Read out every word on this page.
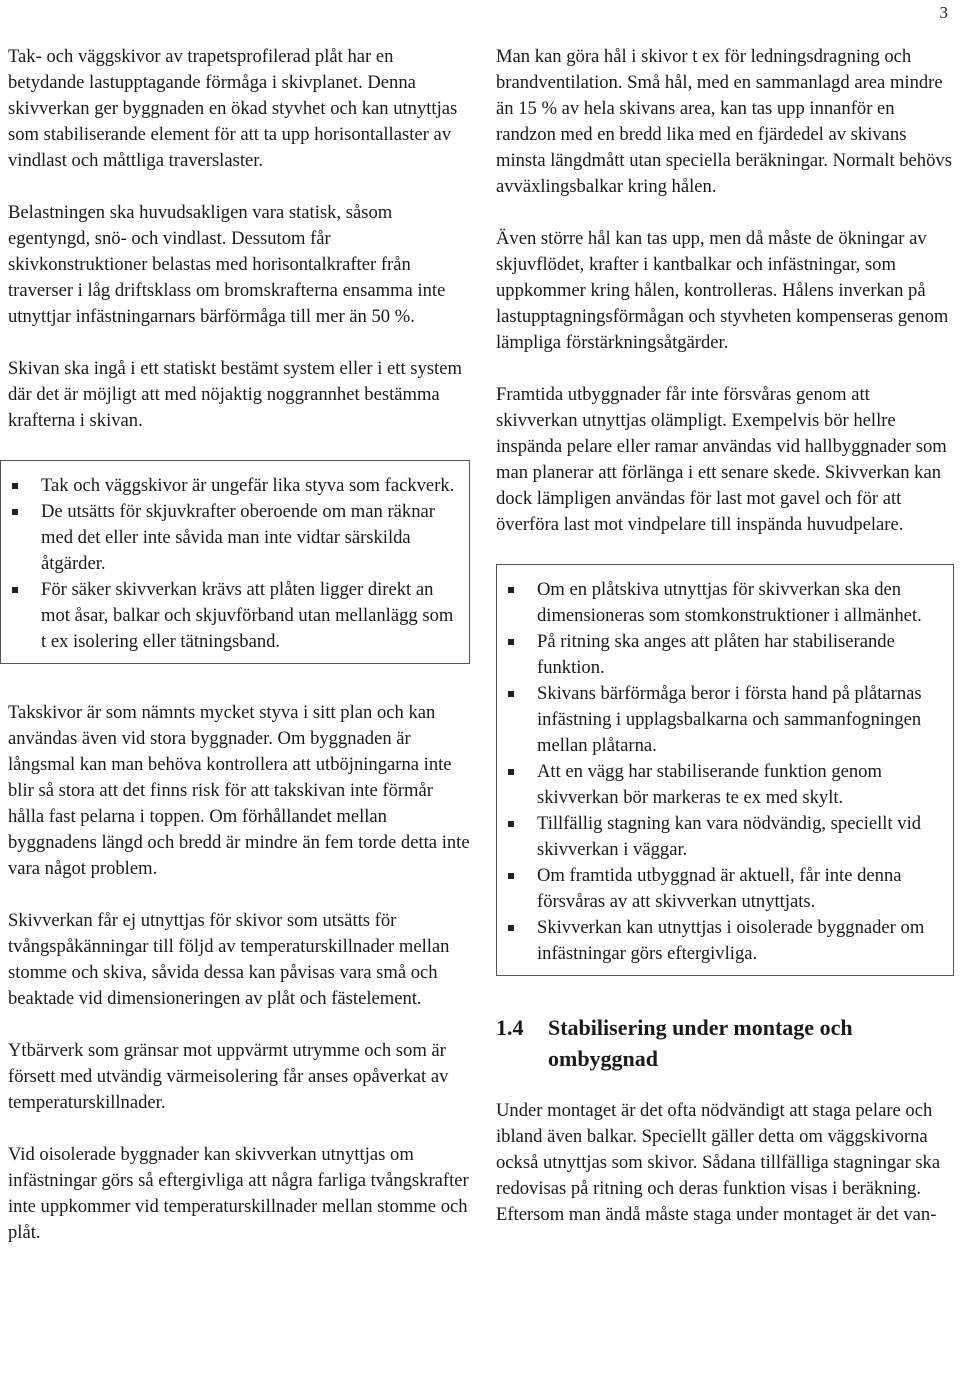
3

Tak- och väggskivor av trapetsprofilerad plåt har en betydande lastupptagande förmåga i skivplanet. Denna skivverkan ger byggnaden en ökad styvhet och kan utnyttjas som stabiliserande element för att ta upp horisontallaster av vindlast och måttliga traverslaster.

Belastningen ska huvudsakligen vara statisk, såsom egentyngd, snö- och vindlast. Dessutom får skivkonstruktioner belastas med horisontalkrafter från traverser i låg driftsklass om bromskrafterna ensamma inte utnyttjar infästningarnars bärförmåga till mer än 50 %.

Skivan ska ingå i ett statiskt bestämt system eller i ett system där det är möjligt att med nöjaktig noggrannhet bestämma krafterna i skivan.

Tak och väggskivor är ungefär lika styva som fackverk.
De utsätts för skjuvkrafter oberoende om man räknar med det eller inte såvida man inte vidtar särskilda åtgärder.
För säker skivverkan krävs att plåten ligger direkt an mot åsar, balkar och skjuvförband utan mellanlägg som t ex isolering eller tätningsband.

Takskivor är som nämnts mycket styva i sitt plan och kan användas även vid stora byggnader. Om byggnaden är långsmal kan man behöva kontrollera att utböjningarna inte blir så stora att det finns risk för att takskivan inte förmår hålla fast pelarna i toppen. Om förhållandet mellan byggnadens längd och bredd är mindre än fem torde detta inte vara något problem.

Skivverkan får ej utnyttjas för skivor som utsätts för tvångspåkänningar till följd av temperaturskillnader mellan stomme och skiva, såvida dessa kan påvisas vara små och beaktade vid dimensioneringen av plåt och fästelement.

Ytbärverk som gränsar mot uppvärmt utrymme och som är försett med utvändig värmeisolering får anses opåverkat av temperaturskillnader.

Vid oisolerade byggnader kan skivverkan utnyttjas om infästningar görs så eftergivliga att några farliga tvångskrafter inte uppkommer vid temperaturskillnader mellan stomme och plåt.

Man kan göra hål i skivor t ex för ledningsdragning och brandventilation. Små hål, med en sammanlagd area mindre än 15 % av hela skivans area, kan tas upp innanför en randzon med en bredd lika med en fjärdedel av skivans minsta längdmått utan speciella beräkningar. Normalt behövs avväxlingsbalkar kring hålen.

Även större hål kan tas upp, men då måste de ökningar av skjuvflödet, krafter i kantbalkar och infästningar, som uppkommer kring hålen, kontrolleras. Hålens inverkan på lastupptagningsförmågan och styvheten kompenseras genom lämpliga förstärkningsåtgärder.

Framtida utbyggnader får inte försvåras genom att skivverkan utnyttjas olämpligt. Exempelvis bör hellre inspända pelare eller ramar användas vid hallbyggnader som man planerar att förlänga i ett senare skede. Skivverkan kan dock lämpligen användas för last mot gavel och för att överföra last mot vindpelare till inspända huvudpelare.

Om en plåtskiva utnyttjas för skivverkan ska den dimensioneras som stomkonstruktioner i allmänhet.
På ritning ska anges att plåten har stabiliserande funktion.
Skivans bärförmåga beror i första hand på plåtarnas infästning i upplagsbalkarna och sammanfogningen mellan plåtarna.
Att en vägg har stabiliserande funktion genom skivverkan bör markeras te ex med skylt.
Tillfällig stagning kan vara nödvändig, speciellt vid skivverkan i väggar.
Om framtida utbyggnad är aktuell, får inte denna försvåras av att skivverkan utnyttjats.
Skivverkan kan utnyttjas i oisolerade byggnader om infästningar görs eftergivliga.
1.4	Stabilisering under montage och ombyggnad

Under montaget är det ofta nödvändigt att staga pelare och ibland även balkar. Speciellt gäller detta om väggskivorna också utnyttjas som skivor. Sådana tillfälliga stagningar ska redovisas på ritning och deras funktion visas i beräkning. Eftersom man ändå måste staga under montaget är det van-
